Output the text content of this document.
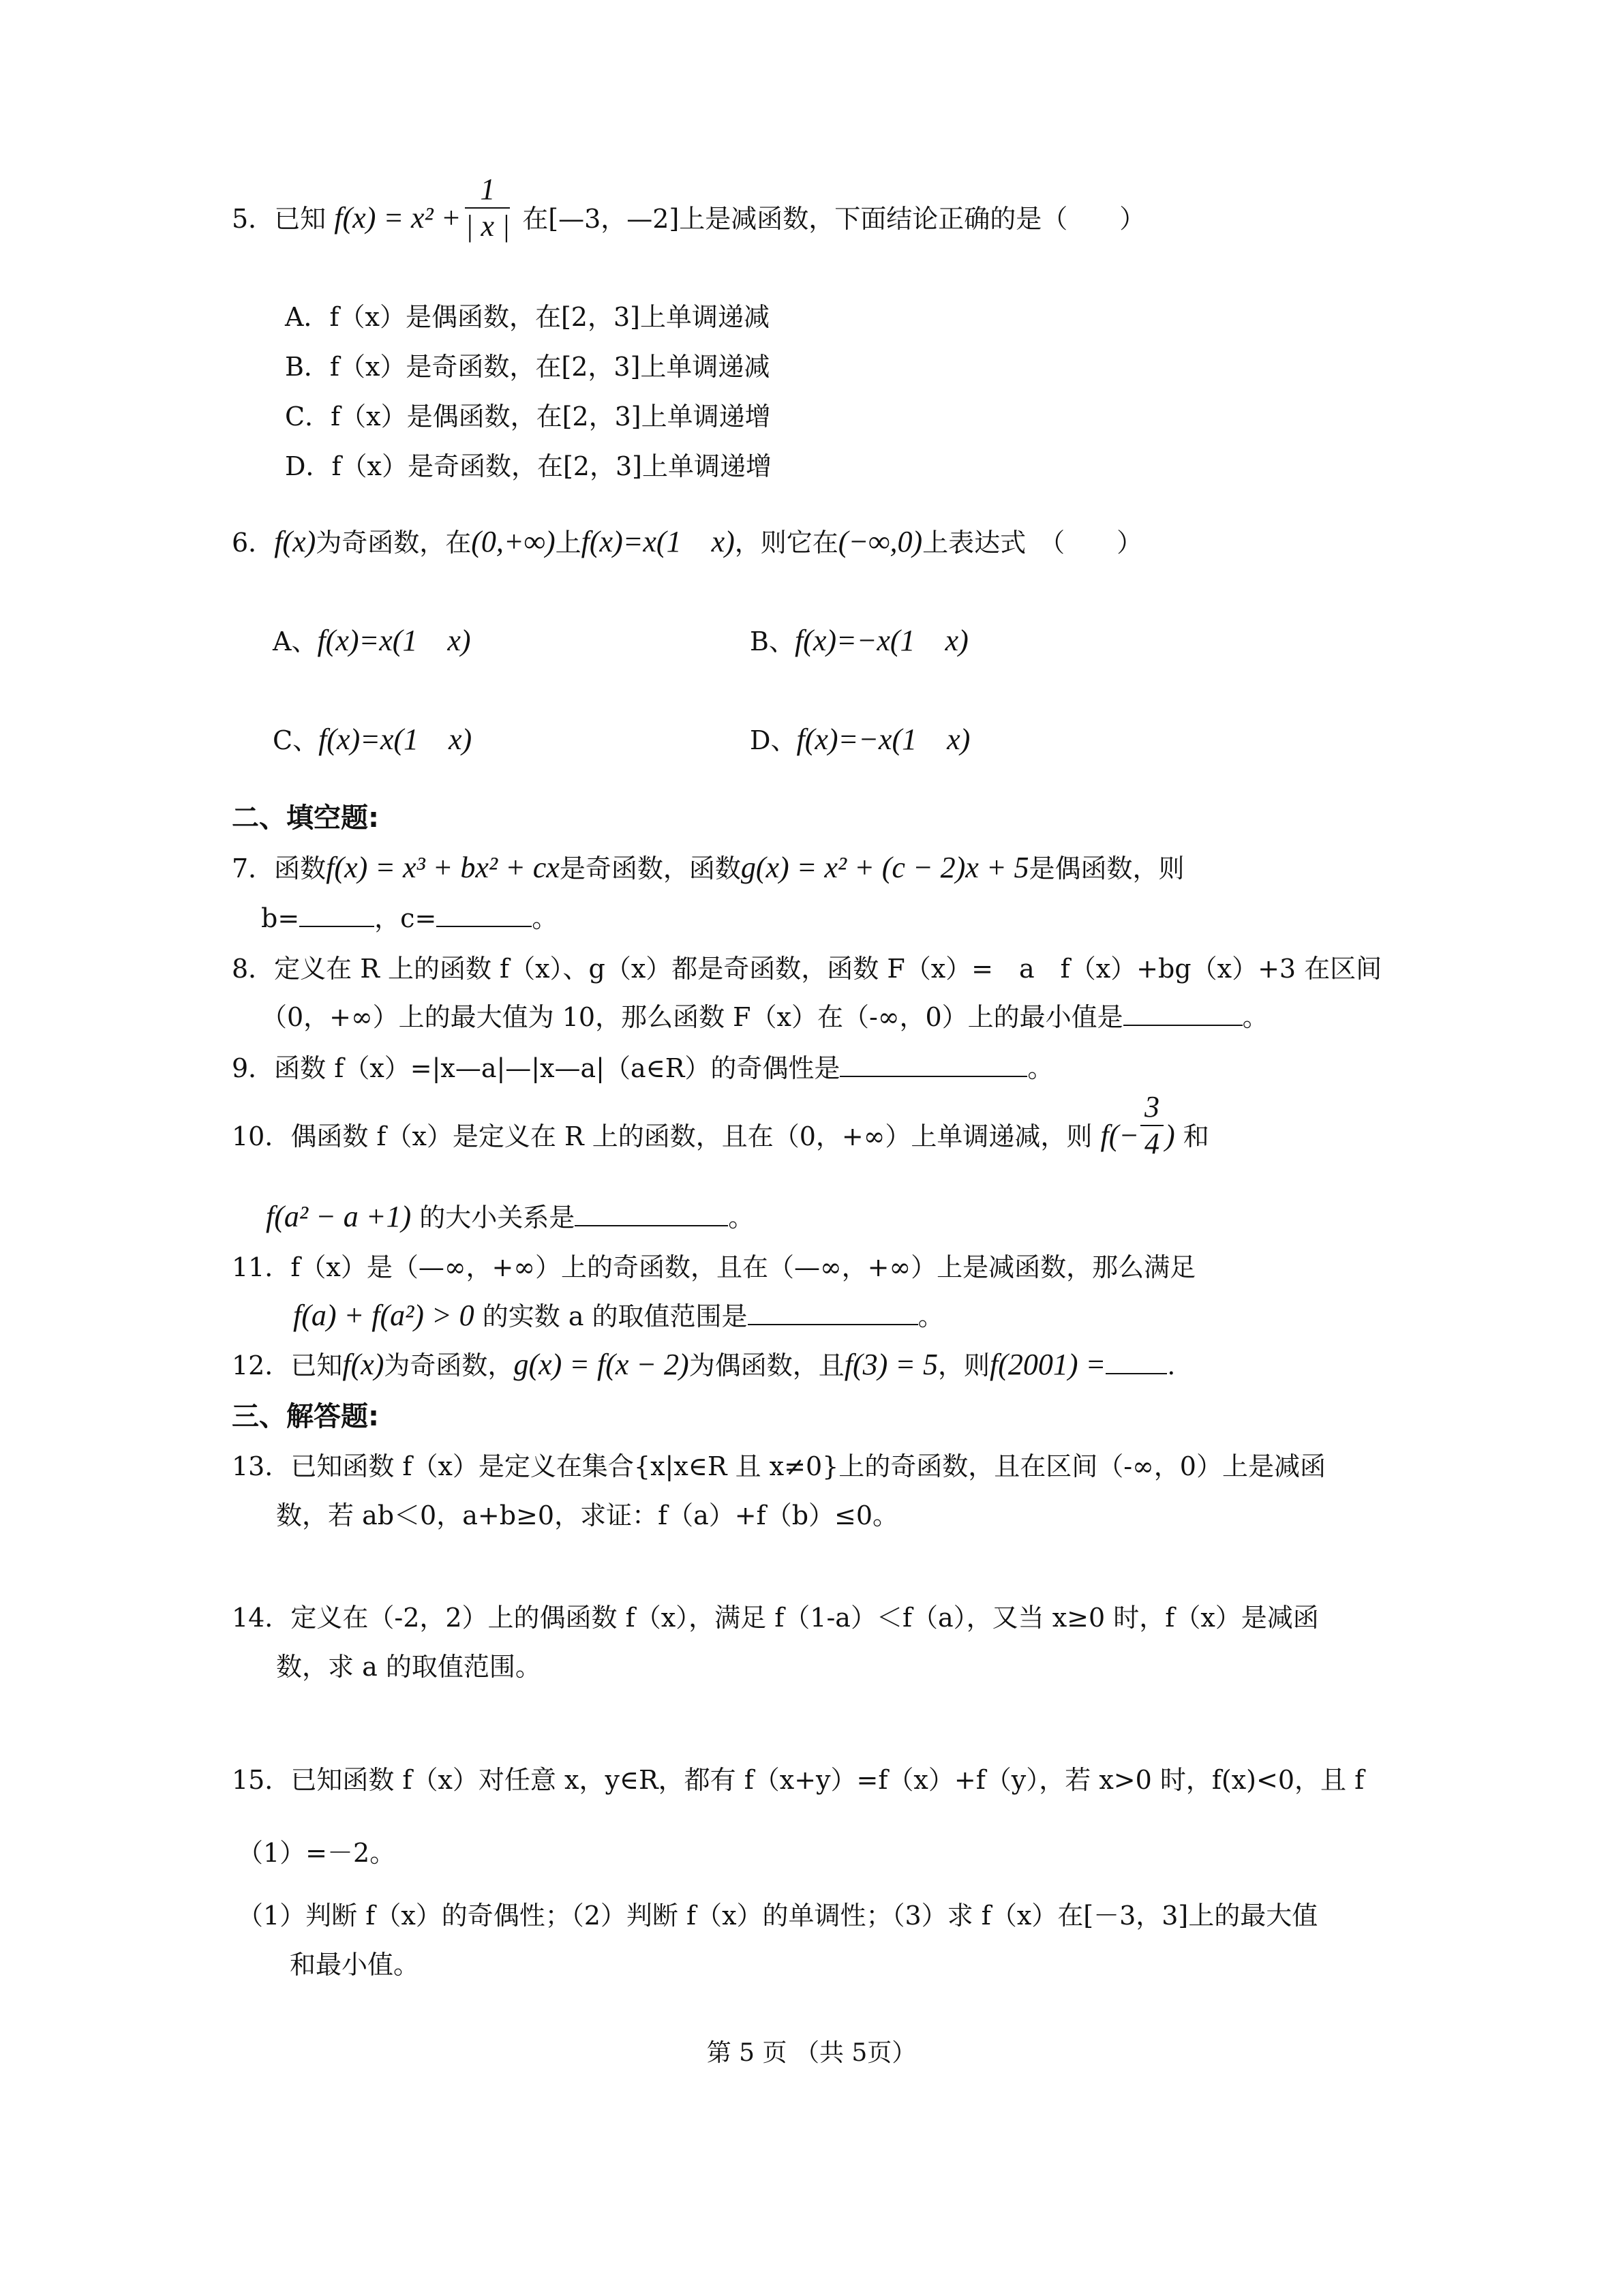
5．已知 $f(x) = x^2 + \frac{1}{| x |}$ 在[—3，—2]上是减函数，下面结论正确的是（　　）
A．f（x）是偶函数，在[2，3]上单调递减
B．f（x）是奇函数，在[2，3]上单调递减
C．f（x）是偶函数，在[2，3]上单调递增
D．f（x）是奇函数，在[2，3]上单调递增
6．f(x)为奇函数，在(0,+∞)上f(x)=x(1　x)，则它在(−∞,0)上表达式　（　　）
A、f(x)=x(1　x)	B、f(x)=−x(1　x)
C、f(x)=x(1　x)	D、f(x)=−x(1　x)
二、填空题:
7．函数f(x) = x³ + bx² + cx是奇函数，函数g(x) = x² + (c − 2)x + 5是偶函数，则
b=	，c=	。
8．定义在 R 上的函数 f（x）、g（x）都是奇函数，函数 F（x）=　a　f（x）+bg（x）+3 在区间
（0，+∞）上的最大值为 10，那么函数 F（x）在（-∞，0）上的最小值是	。
9．函数 f（x）=|x—a|—|x—a|（a∈R）的奇偶性是	。
10．偶函数 f（x）是定义在 R 上的函数，且在（0，+∞）上单调递减，则 $f(- \frac{3}{4}$ ) 和
f(a² − a +1) 的大小关系是	。
11．f（x）是（—∞，+∞）上的奇函数，且在（—∞，+∞）上是减函数，那么满足
f(a) + f(a²) > 0 的实数 a 的取值范围是	。
12．已知f(x)为奇函数，g(x) = f(x − 2)为偶函数，且f(3) = 5，则f(2001) = .
三、解答题:
13．已知函数 f（x）是定义在集合{x|x∈R 且 x≠0}上的奇函数，且在区间（-∞，0）上是减函
数，若 ab＜0，a+b≥0，求证：f（a）+f（b）≤0。
14．定义在（-2，2）上的偶函数 f（x），满足 f（1-a）＜f（a），又当 x≥0 时，f（x）是减函
数，求 a 的取值范围。
15．已知函数 f（x）对任意 x，y∈R，都有 f（x+y）=f（x）+f（y），若 x>0 时，f(x)<0，且 f
（1）=－2。
（1）判断 f（x）的奇偶性；（2）判断 f（x）的单调性；（3）求 f（x）在[－3，3]上的最大值
和最小值。
第 5 页 （共 5页）
